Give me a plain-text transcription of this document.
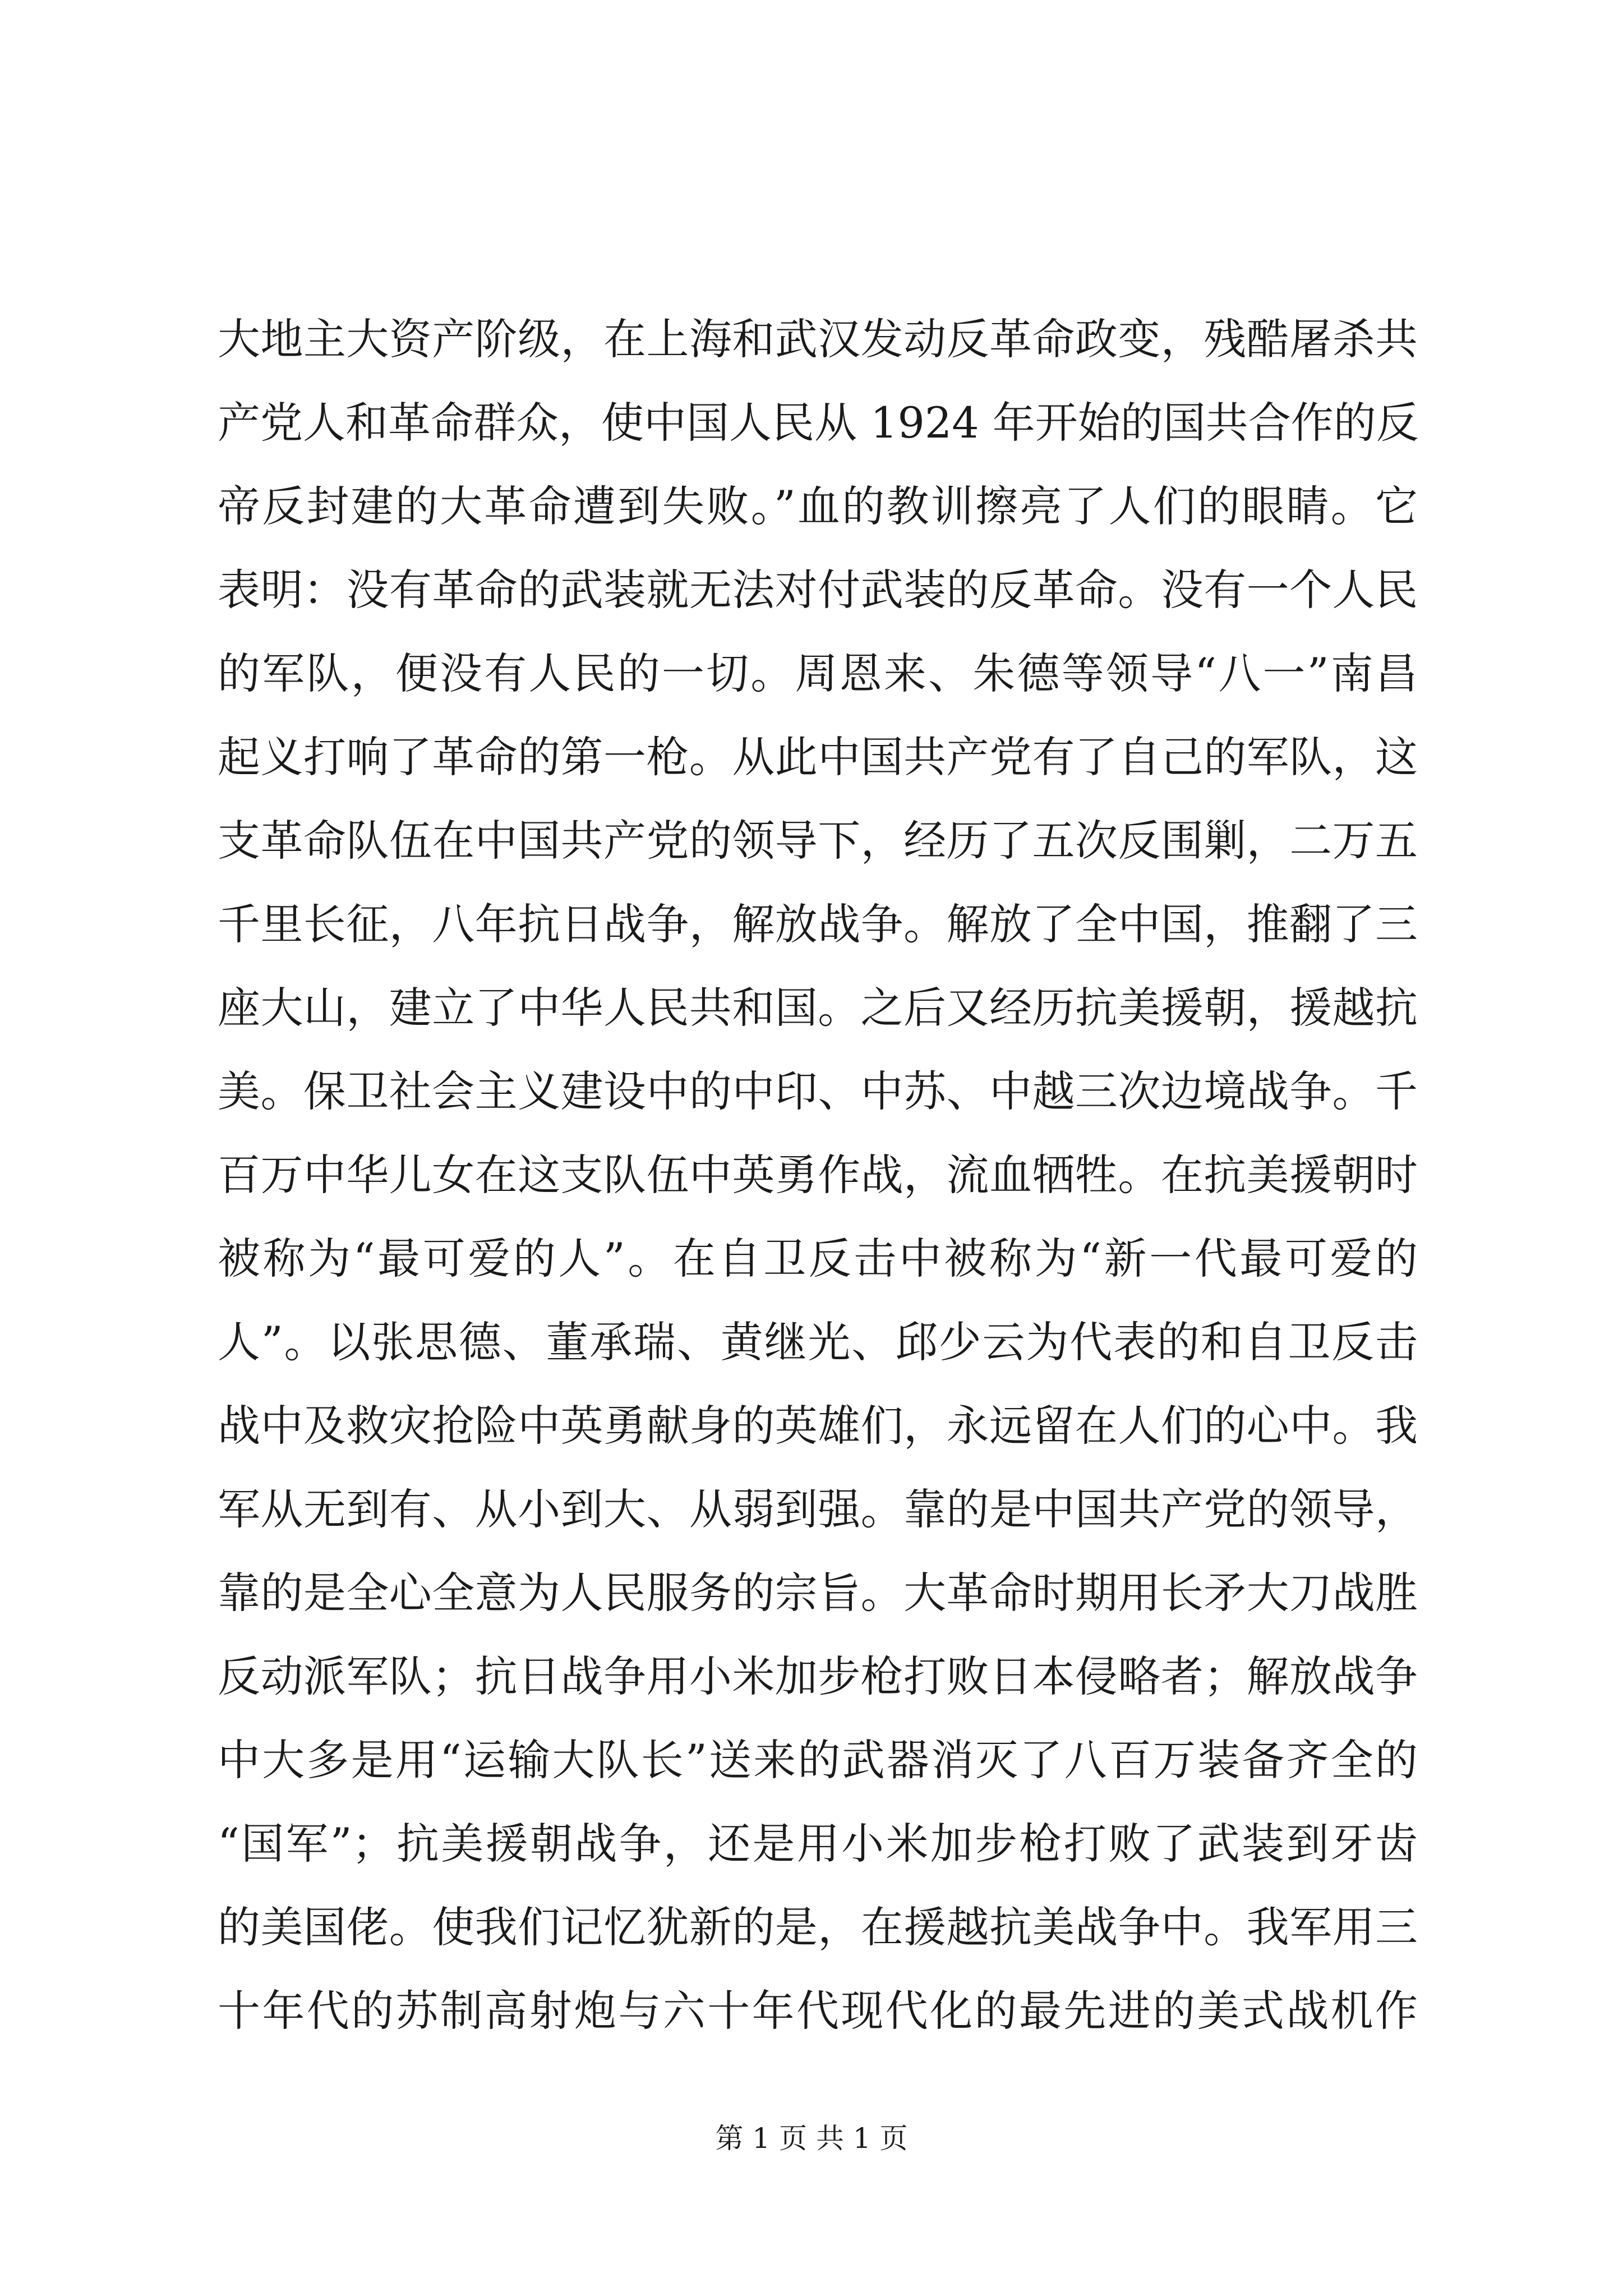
大地主大资产阶级，在上海和武汉发动反革命政变，残酷屠杀共
产党人和革命群众，使中国人民从 1924 年开始的国共合作的反
帝反封建的大革命遭到失败。”血的教训擦亮了人们的眼睛。它
表明：没有革命的武装就无法对付武装的反革命。没有一个人民
的军队，便没有人民的一切。周恩来、朱德等领导“八一”南昌
起义打响了革命的第一枪。从此中国共产党有了自己的军队，这
支革命队伍在中国共产党的领导下，经历了五次反围剿，二万五
千里长征，八年抗日战争，解放战争。解放了全中国，推翻了三
座大山，建立了中华人民共和国。之后又经历抗美援朝，援越抗
美。保卫社会主义建设中的中印、中苏、中越三次边境战争。千
百万中华儿女在这支队伍中英勇作战，流血牺牲。在抗美援朝时
被称为“最可爱的人”。在自卫反击中被称为“新一代最可爱的
人”。以张思德、董承瑞、黄继光、邱少云为代表的和自卫反击
战中及救灾抢险中英勇献身的英雄们，永远留在人们的心中。我
军从无到有、从小到大、从弱到强。靠的是中国共产党的领导，
靠的是全心全意为人民服务的宗旨。大革命时期用长矛大刀战胜
反动派军队；抗日战争用小米加步枪打败日本侵略者；解放战争
中大多是用“运输大队长”送来的武器消灭了八百万装备齐全的
“国军”；抗美援朝战争，还是用小米加步枪打败了武装到牙齿
的美国佬。使我们记忆犹新的是，在援越抗美战争中。我军用三
十年代的苏制高射炮与六十年代现代化的最先进的美式战机作
第 1 页 共 1 页
